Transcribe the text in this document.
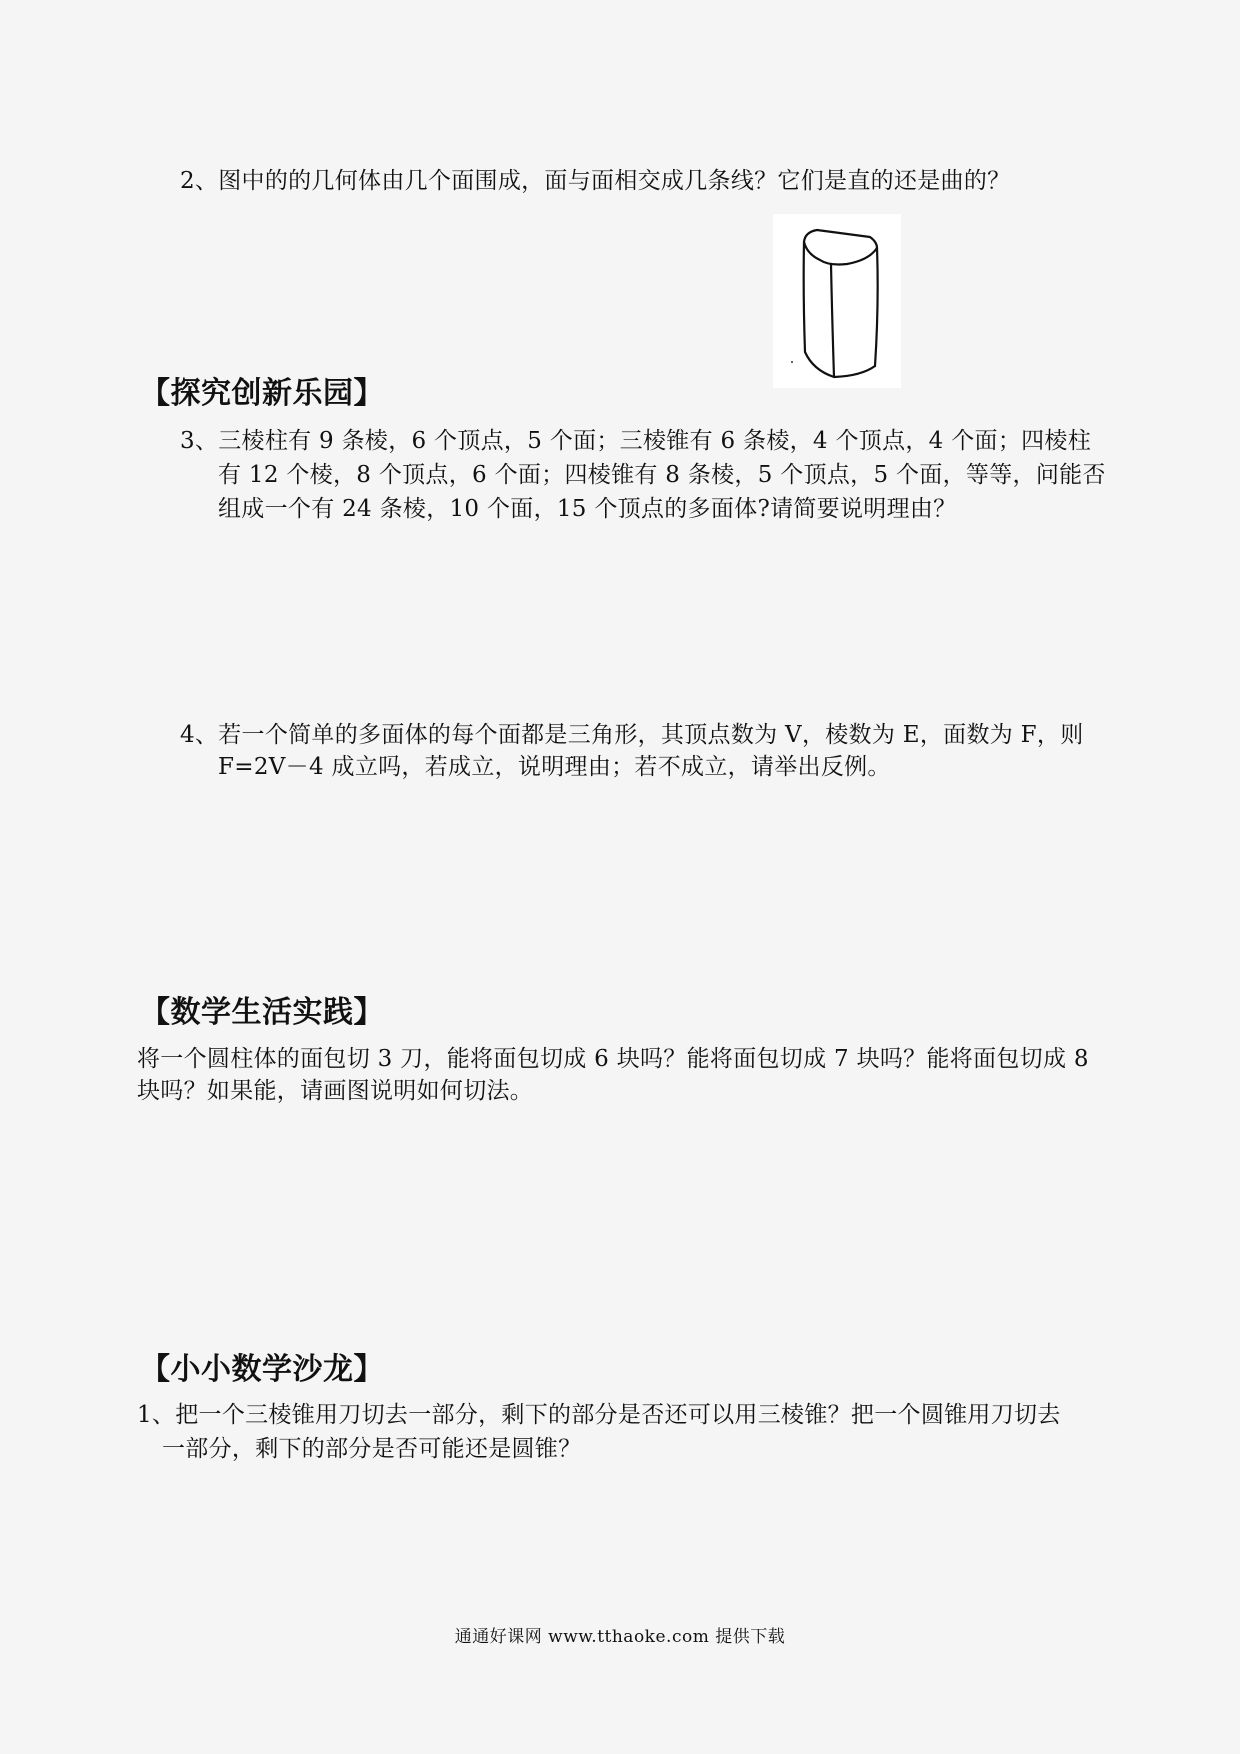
2、图中的的几何体由几个面围成，面与面相交成几条线？它们是直的还是曲的？
【探究创新乐园】
3、三棱柱有 9 条棱，6 个顶点，5 个面；三棱锥有 6 条棱，4 个顶点，4 个面；四棱柱
有 12 个棱，8 个顶点，6 个面；四棱锥有 8 条棱，5 个顶点，5 个面，等等，问能否
组成一个有 24 条棱，10 个面，15 个顶点的多面体?请简要说明理由？
4、若一个简单的多面体的每个面都是三角形，其顶点数为 V，棱数为 E，面数为 F，则
F=2V－4 成立吗，若成立，说明理由；若不成立，请举出反例。
【数学生活实践】
将一个圆柱体的面包切 3 刀，能将面包切成 6 块吗？能将面包切成 7 块吗？能将面包切成 8
块吗？如果能，请画图说明如何切法。
【小小数学沙龙】
1、把一个三棱锥用刀切去一部分，剩下的部分是否还可以用三棱锥？把一个圆锥用刀切去
一部分，剩下的部分是否可能还是圆锥？
通通好课网 www.tthaoke.com 提供下载
